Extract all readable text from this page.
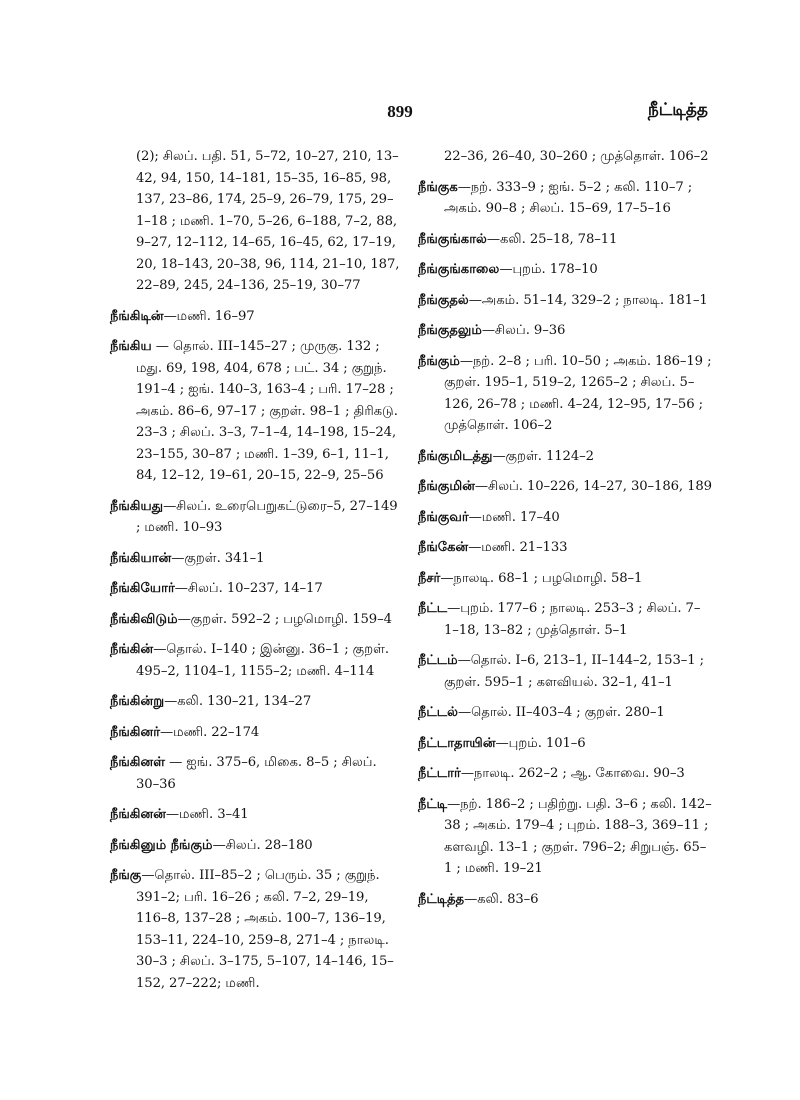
899	நீட்டித்த
(2); சிலப். பதி. 51, 5–72, 10–27, 210, 13–42, 94, 150, 14–181, 15–35, 16–85, 98, 137, 23–86, 174, 25–9, 26–79, 175, 29–1–18 ; மணி. 1–70, 5–26, 6–188, 7–2, 88, 9–27, 12–112, 14–65, 16–45, 62, 17–19, 20, 18–143, 20–38, 96, 114, 21–10, 187, 22–89, 245, 24–136, 25–19, 30–77
நீங்கிடின்—மணி. 16–97
நீங்கிய — தொல். III–145–27 ; முருகு. 132 ; மது. 69, 198, 404, 678 ; பட். 34 ; குறுந். 191–4 ; ஐங். 140–3, 163–4 ; பரி. 17–28 ; அகம். 86–6, 97–17 ; குறள். 98–1 ; திரிகடு. 23–3 ; சிலப். 3–3, 7–1–4, 14–198, 15–24, 23–155, 30–87 ; மணி. 1–39, 6–1, 11–1, 84, 12–12, 19–61, 20–15, 22–9, 25–56
நீங்கியது—சிலப். உரைபெறுகட்டுரை–5, 27–149 ; மணி. 10–93
நீங்கியான்—குறள். 341–1
நீங்கியோர்—சிலப். 10–237, 14–17
நீங்கிவிடும்—குறள். 592–2 ; பழமொழி. 159–4
நீங்கின்—தொல். I–140 ; இன்னு. 36–1 ; குறள். 495–2, 1104–1, 1155–2; மணி. 4–114
நீங்கின்று—கலி. 130–21, 134–27
நீங்கினர்—மணி. 22–174
நீங்கினள் — ஐங். 375–6, மிகை. 8–5 ; சிலப். 30–36
நீங்கினன்—மணி. 3–41
நீங்கினும் நீங்கும்—சிலப். 28–180
நீங்கு—தொல். III–85–2 ; பெரும். 35 ; குறுந். 391–2; பரி. 16–26 ; கலி. 7–2, 29–19, 116–8, 137–28 ; அகம். 100–7, 136–19, 153–11, 224–10, 259–8, 271–4 ; நாலடி. 30–3 ; சிலப். 3–175, 5–107, 14–146, 15–152, 27–222; மணி.
22–36, 26–40, 30–260 ; முத்தொள். 106–2
நீங்குக—நற். 333–9 ; ஐங். 5–2 ; கலி. 110–7 ; அகம். 90–8 ; சிலப். 15–69, 17–5–16
நீங்குங்கால்—கலி. 25–18, 78–11
நீங்குங்காலை—புறம். 178–10
நீங்குதல்—அகம். 51–14, 329–2 ; நாலடி. 181–1
நீங்குதலும்—சிலப். 9–36
நீங்கும்—நற். 2–8 ; பரி. 10–50 ; அகம். 186–19 ; குறள். 195–1, 519–2, 1265–2 ; சிலப். 5–126, 26–78 ; மணி. 4–24, 12–95, 17–56 ; முத்தொள். 106–2
நீங்குமிடத்து—குறள். 1124–2
நீங்குமின்—சிலப். 10–226, 14–27, 30–186, 189
நீங்குவர்—மணி. 17–40
நீங்கேன்—மணி. 21–133
நீசர்—நாலடி. 68–1 ; பழமொழி. 58–1
நீட்ட—புறம். 177–6 ; நாலடி. 253–3 ; சிலப். 7–1–18, 13–82 ; முத்தொள். 5–1
நீட்டம்—தொல். I–6, 213–1, II–144–2, 153–1 ; குறள். 595–1 ; களவியல். 32–1, 41–1
நீட்டல்—தொல். II–403–4 ; குறள். 280–1
நீட்டாதாயின்—புறம். 101–6
நீட்டார்—நாலடி. 262–2 ; ஆ. கோவை. 90–3
நீட்டி—நற். 186–2 ; பதிற்று. பதி. 3–6 ; கலி. 142–38 ; அகம். 179–4 ; புறம். 188–3, 369–11 ; களவழி. 13–1 ; குறள். 796–2; சிறுபஞ். 65–1 ; மணி. 19–21
நீட்டித்த—கலி. 83–6
